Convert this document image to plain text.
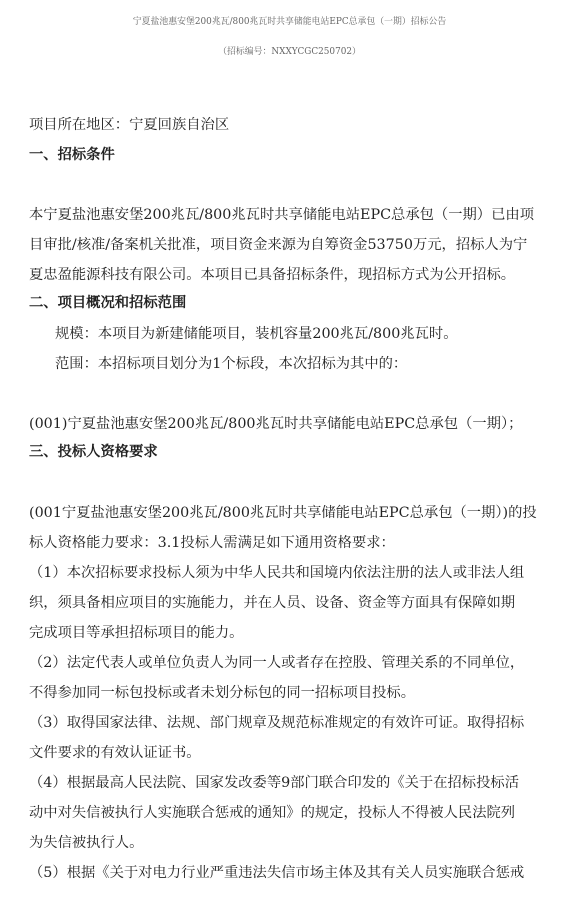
宁夏盐池惠安堡200兆瓦/800兆瓦时共享储能电站EPC总承包（一期）招标公告
（招标编号：NXXYCGC250702）
项目所在地区：宁夏回族自治区
一、招标条件
本宁夏盐池惠安堡200兆瓦/800兆瓦时共享储能电站EPC总承包（一期）已由项
目审批/核准/备案机关批准，项目资金来源为自筹资金53750万元，招标人为宁
夏忠盈能源科技有限公司。本项目已具备招标条件，现招标方式为公开招标。
二、项目概况和招标范围
规模：本项目为新建储能项目，装机容量200兆瓦/800兆瓦时。
范围：本招标项目划分为1个标段，本次招标为其中的：
(001)宁夏盐池惠安堡200兆瓦/800兆瓦时共享储能电站EPC总承包（一期）；
三、投标人资格要求
(001宁夏盐池惠安堡200兆瓦/800兆瓦时共享储能电站EPC总承包（一期）)的投
标人资格能力要求：3.1投标人需满足如下通用资格要求：
（1）本次招标要求投标人须为中华人民共和国境内依法注册的法人或非法人组
织，须具备相应项目的实施能力，并在人员、设备、资金等方面具有保障如期
完成项目等承担招标项目的能力。
（2）法定代表人或单位负责人为同一人或者存在控股、管理关系的不同单位，
不得参加同一标包投标或者未划分标包的同一招标项目投标。
（3）取得国家法律、法规、部门规章及规范标准规定的有效许可证。取得招标
文件要求的有效认证证书。
（4）根据最高人民法院、国家发改委等9部门联合印发的《关于在招标投标活
动中对失信被执行人实施联合惩戒的通知》的规定，投标人不得被人民法院列
为失信被执行人。
（5）根据《关于对电力行业严重违法失信市场主体及其有关人员实施联合惩戒
